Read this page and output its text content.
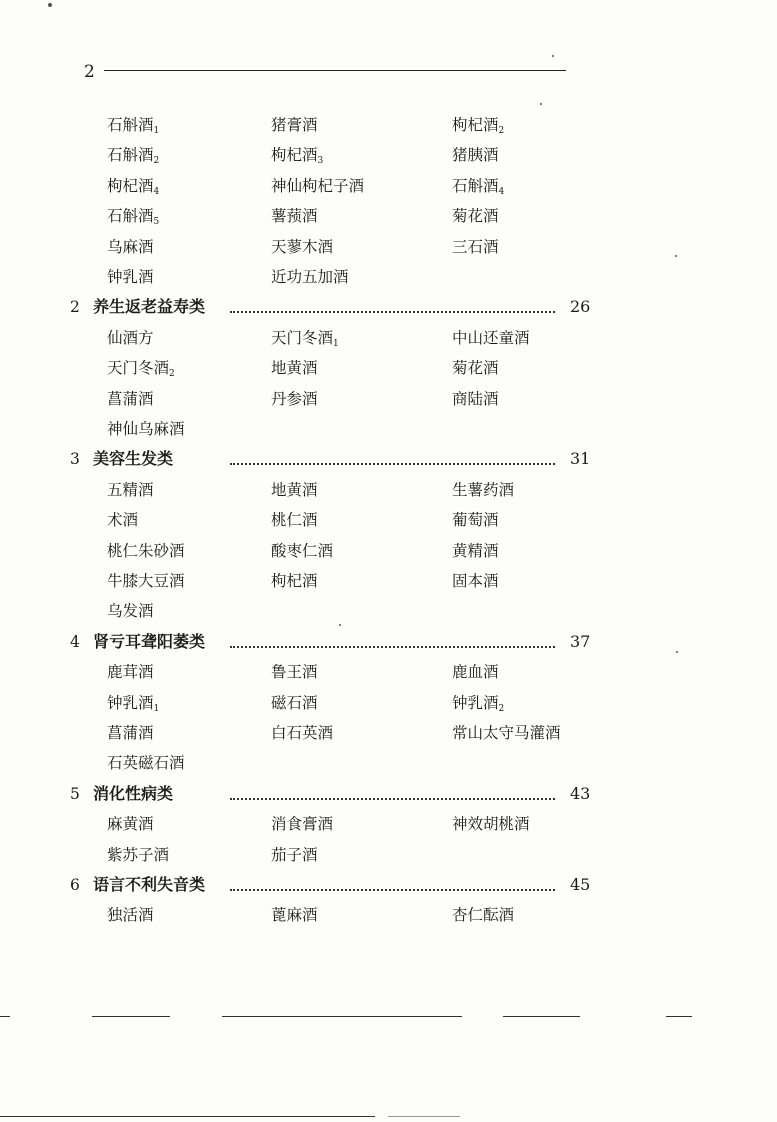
2
石斛酒$_1$	猪膏酒	枸杞酒$_2$
石斛酒$_2$	枸杞酒$_3$	猪胰酒
枸杞酒$_4$	神仙枸杞子酒	石斛酒$_4$
石斛酒$_5$	薯蓣酒	菊花酒
乌麻酒	天蓼木酒	三石酒
钟乳酒	近功五加酒
2 养生返老益寿类	26
仙酒方	天门冬酒$_1$	中山还童酒
天门冬酒$_2$	地黄酒	菊花酒
菖蒲酒	丹参酒	商陆酒
神仙乌麻酒
3 美容生发类	31
五精酒	地黄酒	生薯药酒
术酒	桃仁酒	葡萄酒
桃仁朱砂酒	酸枣仁酒	黄精酒
牛膝大豆酒	枸杞酒	固本酒
乌发酒
4 肾亏耳聋阳萎类	37
鹿茸酒	鲁王酒	鹿血酒
钟乳酒$_1$	磁石酒	钟乳酒$_2$
菖蒲酒	白石英酒	常山太守马灌酒
石英磁石酒
5 消化性病类	43
麻黄酒	消食膏酒	神效胡桃酒
紫苏子酒	茄子酒
6 语言不利失音类	45
独活酒	蓖麻酒	杏仁酝酒
